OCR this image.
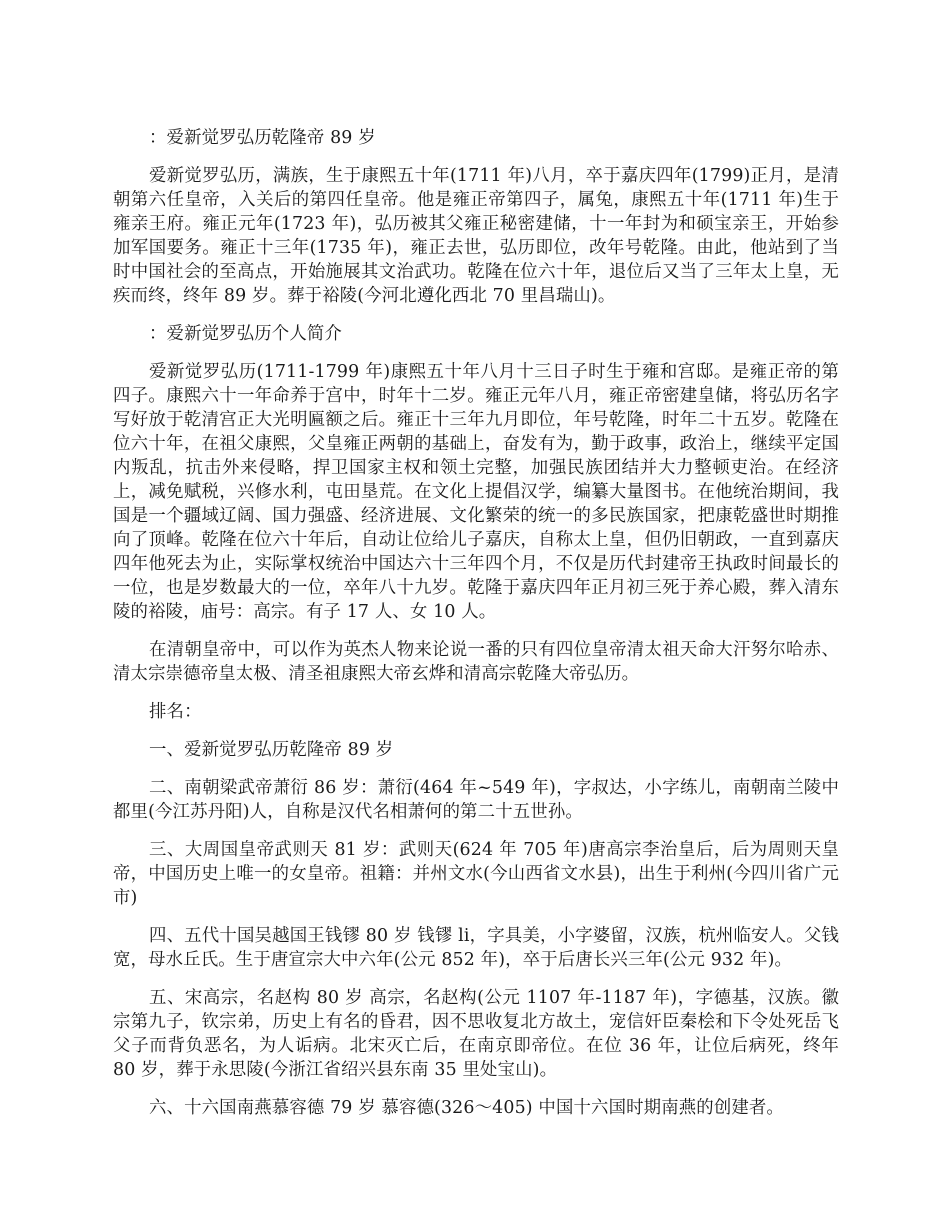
：爱新觉罗弘历乾隆帝 89 岁

爱新觉罗弘历，满族，生于康熙五十年(1711 年)八月，卒于嘉庆四年(1799)正月，是清朝第六任皇帝，入关后的第四任皇帝。他是雍正帝第四子，属兔，康熙五十年(1711 年)生于雍亲王府。雍正元年(1723 年)，弘历被其父雍正秘密建储，十一年封为和硕宝亲王，开始参加军国要务。雍正十三年(1735 年)，雍正去世，弘历即位，改年号乾隆。由此，他站到了当时中国社会的至高点，开始施展其文治武功。乾隆在位六十年，退位后又当了三年太上皇，无疾而终，终年 89 岁。葬于裕陵(今河北遵化西北 70 里昌瑞山)。

：爱新觉罗弘历个人简介

爱新觉罗弘历(1711-1799 年)康熙五十年八月十三日子时生于雍和宫邸。是雍正帝的第四子。康熙六十一年命养于宫中，时年十二岁。雍正元年八月，雍正帝密建皇储，将弘历名字写好放于乾清宫正大光明匾额之后。雍正十三年九月即位，年号乾隆，时年二十五岁。乾隆在位六十年，在祖父康熙，父皇雍正两朝的基础上，奋发有为，勤于政事，政治上，继续平定国内叛乱，抗击外来侵略，捍卫国家主权和领土完整，加强民族团结并大力整顿吏治。在经济上，减免赋税，兴修水利，屯田垦荒。在文化上提倡汉学，编纂大量图书。在他统治期间，我国是一个疆域辽阔、国力强盛、经济进展、文化繁荣的统一的多民族国家，把康乾盛世时期推向了顶峰。乾隆在位六十年后，自动让位给儿子嘉庆，自称太上皇，但仍旧朝政，一直到嘉庆四年他死去为止，实际掌权统治中国达六十三年四个月，不仅是历代封建帝王执政时间最长的一位，也是岁数最大的一位，卒年八十九岁。乾隆于嘉庆四年正月初三死于养心殿，葬入清东陵的裕陵，庙号：高宗。有子 17 人、女 10 人。

在清朝皇帝中，可以作为英杰人物来论说一番的只有四位皇帝清太祖天命大汗努尔哈赤、清太宗崇德帝皇太极、清圣祖康熙大帝玄烨和清高宗乾隆大帝弘历。

排名：

一、爱新觉罗弘历乾隆帝 89 岁

二、南朝梁武帝萧衍 86 岁：萧衍(464 年~549 年)，字叔达，小字练儿，南朝南兰陵中都里(今江苏丹阳)人，自称是汉代名相萧何的第二十五世孙。

三、大周国皇帝武则天 81 岁：武则天(624 年 705 年)唐高宗李治皇后，后为周则天皇帝，中国历史上唯一的女皇帝。祖籍：并州文水(今山西省文水县)，出生于利州(今四川省广元市)

四、五代十国吴越国王钱镠 80 岁 钱镠 li，字具美，小字婆留，汉族，杭州临安人。父钱宽，母水丘氏。生于唐宣宗大中六年(公元 852 年)，卒于后唐长兴三年(公元 932 年)。

五、宋高宗，名赵构 80 岁 高宗，名赵构(公元 1107 年-1187 年)，字德基，汉族。徽宗第九子，钦宗弟，历史上有名的昏君，因不思收复北方故土，宠信奸臣秦桧和下令处死岳飞父子而背负恶名，为人诟病。北宋灭亡后，在南京即帝位。在位 36 年，让位后病死，终年 80 岁，葬于永思陵(今浙江省绍兴县东南 35 里处宝山)。

六、十六国南燕慕容德 79 岁 慕容德(326～405) 中国十六国时期南燕的创建者。
